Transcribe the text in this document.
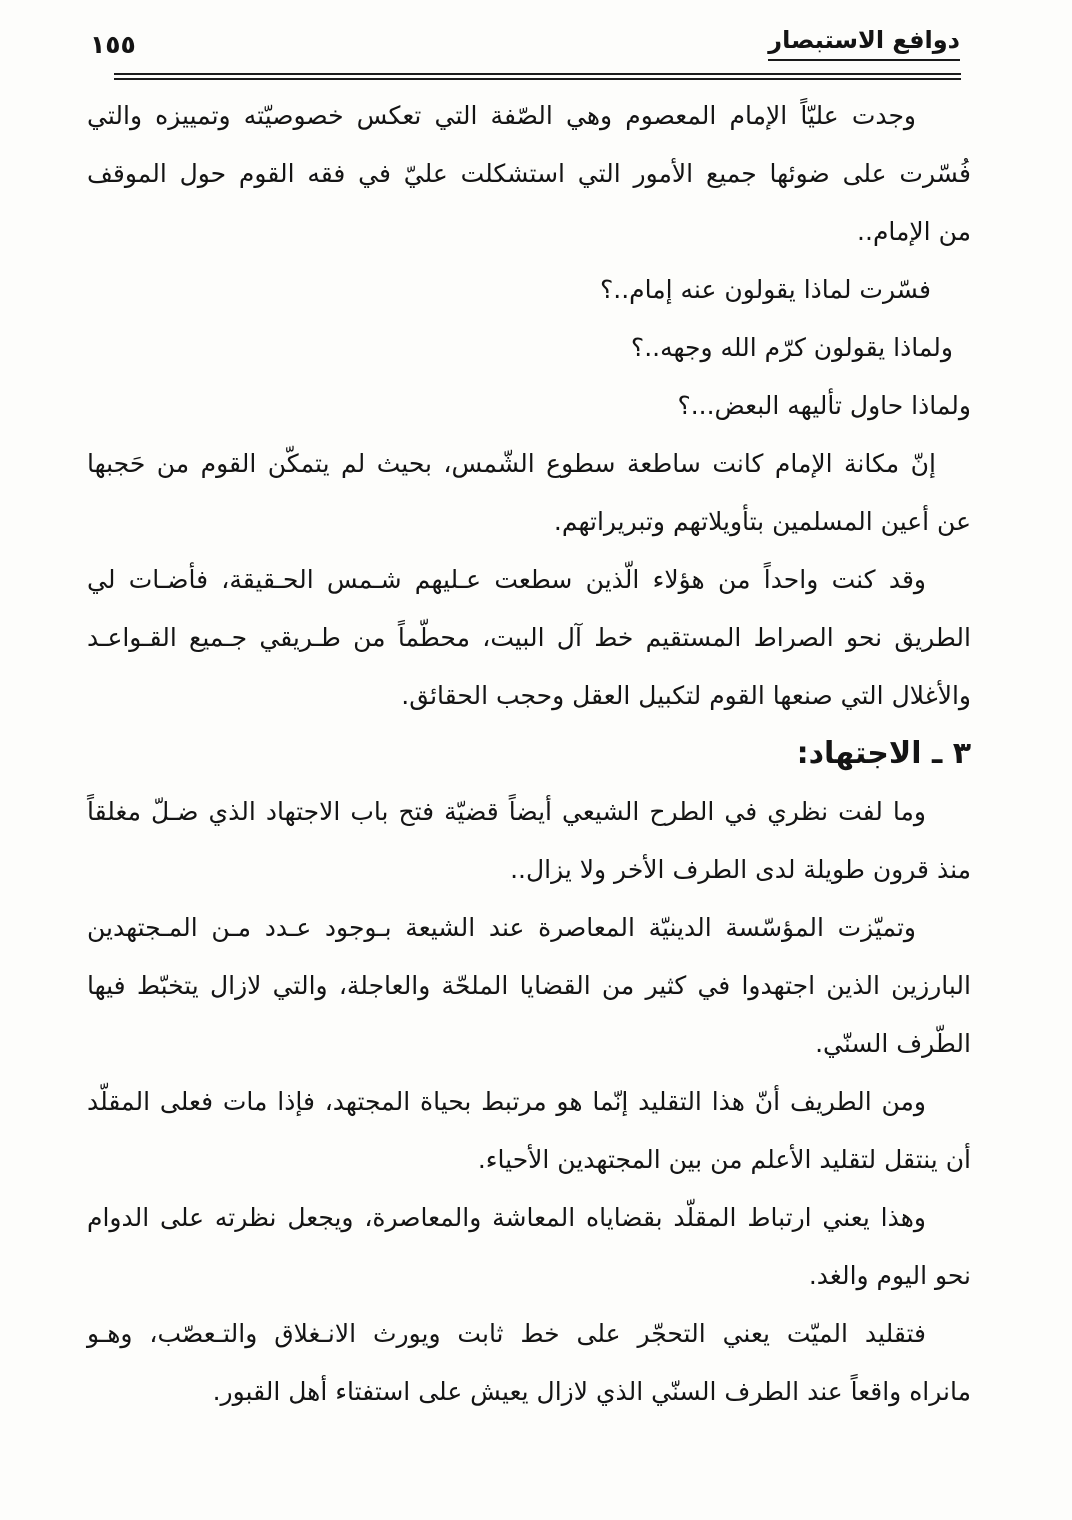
دوافع الاستبصار
١٥٥
وجدت عليّاً الإمام المعصوم وهي الصّفة التي تعكس خصوصيّته وتمييزه والتي
فُسّرت على ضوئها جميع الأمور التي استشكلت عليّ في فقه القوم حول الموقف
من الإمام..
فسّرت لماذا يقولون عنه إمام..؟
ولماذا يقولون كرّم الله وجهه..؟
ولماذا حاول تأليهه البعض...؟
إنّ مكانة الإمام كانت ساطعة سطوع الشّمس، بحيث لم يتمكّن القوم من حَجبها
عن أعين المسلمين بتأويلاتهم وتبريراتهم.
وقد كنت واحداً من هؤلاء الّذين سطعت عـليهم شـمس الحـقيقة، فأضـات لي
الطريق نحو الصراط المستقيم خط آل البيت، محطّماً من طـريقي جـميع القـواعـد
والأغلال التي صنعها القوم لتكبيل العقل وحجب الحقائق.
٣ ـ الاجتهاد:
وما لفت نظري في الطرح الشيعي أيضاً قضيّة فتح باب الاجتهاد الذي ضـلّ مغلقاً
منذ قرون طويلة لدى الطرف الأخر ولا يزال..
وتميّزت المؤسّسة الدينيّة المعاصرة عند الشيعة بـوجود عـدد مـن المـجتهدين
البارزين الذين اجتهدوا في كثير من القضايا الملحّة والعاجلة، والتي لازال يتخبّط فيها
الطّرف السنّي.
ومن الطريف أنّ هذا التقليد إنّما هو مرتبط بحياة المجتهد، فإذا مات فعلى المقلّد
أن ينتقل لتقليد الأعلم من بين المجتهدين الأحياء.
وهذا يعني ارتباط المقلّد بقضاياه المعاشة والمعاصرة، ويجعل نظرته على الدوام
نحو اليوم والغد.
فتقليد الميّت يعني التحجّر على خط ثابت ويورث الانـغلاق والتـعصّب، وهـو
مانراه واقعاً عند الطرف السنّي الذي لازال يعيش على استفتاء أهل القبور.
